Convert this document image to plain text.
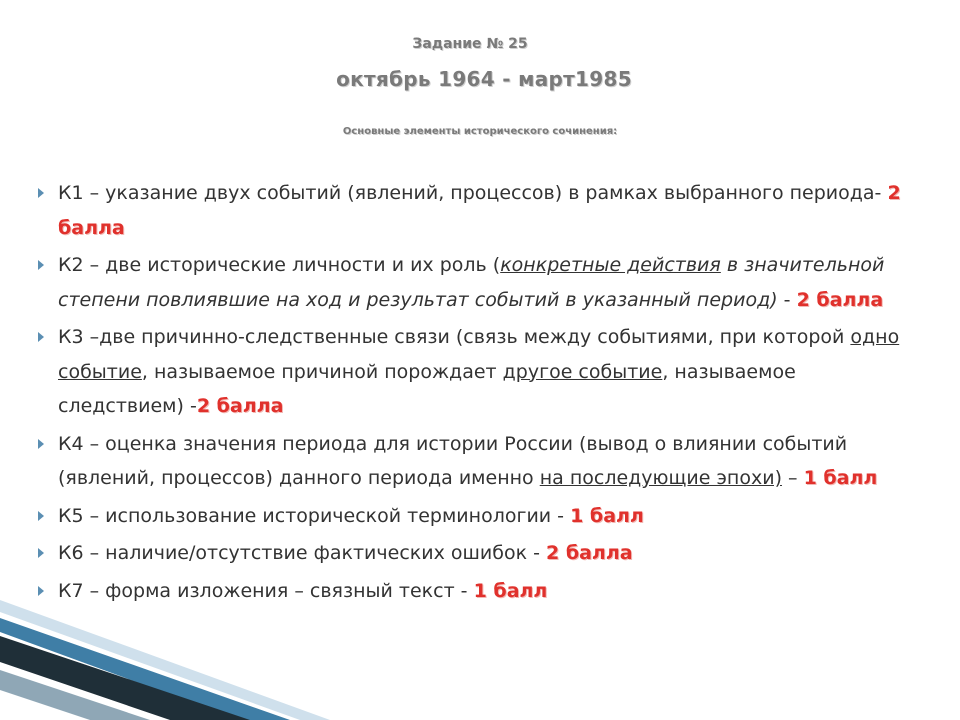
Задание № 25
октябрь 1964 - март1985
Основные элементы исторического сочинения:
К1 – указание двух событий (явлений, процессов) в рамках выбранного периода- 2 балла
К2 – две исторические личности и их роль (конкретные действия в значительной степени повлиявшие на ход и результат событий в указанный период) - 2 балла
К3 –две причинно-следственные связи (связь между событиями, при которой одно событие, называемое причиной порождает другое событие, называемое следствием) -2 балла
К4 – оценка значения периода для истории России (вывод о влиянии событий (явлений, процессов) данного периода именно на последующие эпохи) – 1 балл
К5 – использование исторической терминологии - 1 балл
К6 – наличие/отсутствие фактических ошибок - 2 балла
К7 – форма изложения – связный текст - 1 балл
